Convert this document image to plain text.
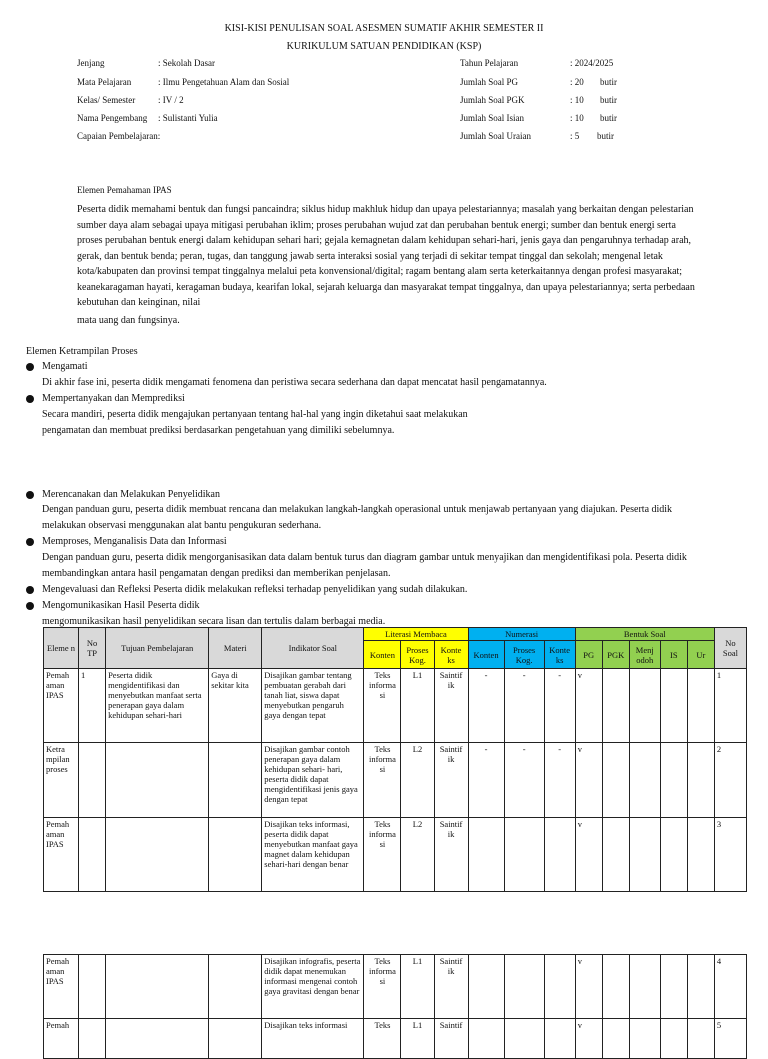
KISI-KISI PENULISAN SOAL ASESMEN SUMATIF AKHIR SEMESTER II
KURIKULUM SATUAN PENDIDIKAN (KSP)
Jenjang	: Sekolah Dasar
Mata Pelajaran	: Ilmu Pengetahuan Alam dan Sosial
Kelas/ Semester	: IV / 2
Nama Pengembang : Sulistanti Yulia
Capaian Pembelajaran:
Tahun Pelajaran	: 2024/2025
Jumlah Soal PG	: 20 butir
Jumlah Soal PGK	: 10 butir
Jumlah Soal Isian	: 10 butir
Jumlah Soal Uraian	: 5 butir
Elemen Pemahaman IPAS
Peserta didik memahami bentuk dan fungsi pancaindra; siklus hidup makhluk hidup dan upaya pelestariannya; masalah yang berkaitan dengan pelestarian
sumber daya alam sebagai upaya mitigasi perubahan iklim; proses perubahan wujud zat dan perubahan bentuk energi; sumber dan bentuk energi serta
proses perubahan bentuk energi dalam kehidupan sehari hari; gejala kemagnetan dalam kehidupan sehari-hari, jenis gaya dan pengaruhnya terhadap arah,
gerak, dan bentuk benda; peran, tugas, dan tanggung jawab serta interaksi sosial yang terjadi di sekitar tempat tinggal dan sekolah; mengenal letak
kota/kabupaten dan provinsi tempat tinggalnya melalui peta konvensional/digital; ragam bentang alam serta keterkaitannya dengan profesi masyarakat;
keanekaragaman hayati, keragaman budaya, kearifan lokal, sejarah keluarga dan masyarakat tempat tinggalnya, dan upaya pelestariannya; serta perbedaan
kebutuhan dan keinginan, nilai
mata uang dan fungsinya.
Elemen Ketrampilan Proses
Mengamati
Di akhir fase ini, peserta didik mengamati fenomena dan peristiwa secara sederhana dan dapat mencatat hasil pengamatannya.
Mempertanyakan dan Memprediksi
Secara mandiri, peserta didik mengajukan pertanyaan tentang hal-hal yang ingin diketahui saat melakukan
pengamatan dan membuat prediksi berdasarkan pengetahuan yang dimiliki sebelumnya.
Merencanakan dan Melakukan Penyelidikan
Dengan panduan guru, peserta didik membuat rencana dan melakukan langkah-langkah operasional untuk menjawab pertanyaan yang diajukan. Peserta didik
melakukan observasi menggunakan alat bantu pengukuran sederhana.
Memproses, Menganalisis Data dan Informasi
Dengan panduan guru, peserta didik mengorganisasikan data dalam bentuk turus dan diagram gambar untuk menyajikan dan mengidentifikasi pola. Peserta didik
membandingkan antara hasil pengamatan dengan prediksi dan memberikan penjelasan.
Mengevaluasi dan Refleksi Peserta didik melakukan refleksi terhadap penyelidikan yang sudah dilakukan.
Mengomunikasikan Hasil Peserta didik
mengomunikasikan hasil penyelidikan secara lisan dan tertulis dalam berbagai media.
Eleme n	No TP	Tujuan Pembelajaran	Materi	Indikator Soal	Literasi Membaca			Numerasi			Bentuk Soal					No Soal
					Konten	Proses Kog.	Konte ks	Konten	Proses Kog.	Konte ks	PG	PGK	Menj odoh	IS	Ur	
Pemah aman IPAS	1	Peserta didik mengidentifikasi dan menyebutkan manfaat serta penerapan gaya dalam kehidupan sehari-hari	Gaya di sekitar kita	Disajikan gambar tentang pembuatan gerabah dari tanah liat, siswa dapat menyebutkan pengaruh gaya dengan tepat	Teks informa si	L1	Saintif ik	-	-	-	v					1
Ketra mpilan proses				Disajikan gambar contoh penerapan gaya dalam kehidupan sehari- hari, peserta didik dapat mengidentifikasi jenis gaya dengan tepat	Teks informa si	L2	Saintif ik	-	-	-	v					2
Pemah aman IPAS				Disajikan teks informasi, peserta didik dapat menyebutkan manfaat gaya magnet dalam kehidupan sehari-hari dengan benar	Teks informa si	L2	Saintif ik				v					3
Pemah aman IPAS				Disajikan infografis, peserta didik dapat menemukan informasi mengenai contoh gaya gravitasi dengan benar	Teks informa si	L1	Saintif ik				v					4
Pemah				Disajikan teks informasi	Teks	L1	Saintif				v					5
